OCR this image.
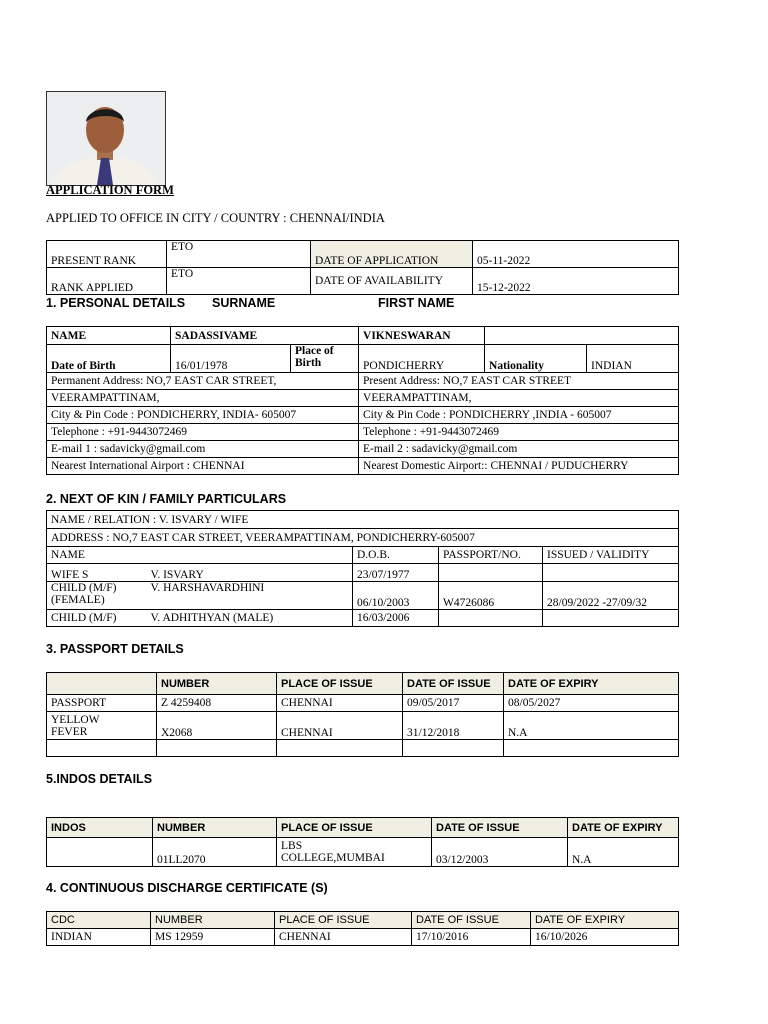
APPLICATION FORM
APPLIED TO OFFICE IN CITY / COUNTRY : CHENNAI/INDIA
PRESENT RANK	ETO	DATE OF APPLICATION	05-11-2022
RANK APPLIED	ETO	DATE OF AVAILABILITY	15-12-2022
1. PERSONAL DETAILS SURNAME	FIRST NAME
NAME	SADASSIVAME		VIKNESWARAN		
Date of Birth	16/01/1978	Place of Birth	PONDICHERRY	Nationality	INDIAN
Permanent Address: NO,7 EAST CAR STREET,			Present Address: NO,7 EAST CAR STREET		
VEERAMPATTINAM,			VEERAMPATTINAM,		
City & Pin Code : PONDICHERRY, INDIA- 605007			City & Pin Code : PONDICHERRY ,INDIA - 605007		
Telephone : +91-9443072469			Telephone : +91-9443072469		
E-mail 1 : sadavicky@gmail.com			E-mail 2 : sadavicky@gmail.com		
Nearest International Airport : CHENNAI			Nearest Domestic Airport:: CHENNAI / PUDUCHERRY		
2. NEXT OF KIN / FAMILY PARTICULARS
NAME / RELATION : V. ISVARY / WIFE				
ADDRESS : NO,7 EAST CAR STREET, VEERAMPATTINAM, PONDICHERRY-605007				
NAME		D.O.B.	PASSPORT/NO.	ISSUED / VALIDITY
WIFE S	V. ISVARY	23/07/1977		

CHILD (M/F)
(FEMALE)	V. HARSHAVARDHINI	06/10/2003	W4726086	28/09/2022 -27/09/32
CHILD (M/F)	V. ADHITHYAN (MALE)	16/03/2006		
3. PASSPORT DETAILS
	NUMBER	PLACE OF ISSUE	DATE OF ISSUE	DATE OF EXPIRY
PASSPORT	Z 4259408	CHENNAI	09/05/2017	08/05/2027

YELLOW FEVER	X2068	CHENNAI	31/12/2018	N.A

5.INDOS DETAILS
INDOS	NUMBER	PLACE OF ISSUE	DATE OF ISSUE	DATE OF EXPIRY
	01LL2070	LBS COLLEGE,MUMBAI	03/12/2003	N.A
4. CONTINUOUS DISCHARGE CERTIFICATE (S)
CDC	NUMBER	PLACE OF ISSUE	DATE OF ISSUE	DATE OF EXPIRY
INDIAN	MS 12959	CHENNAI	17/10/2016	16/10/2026
